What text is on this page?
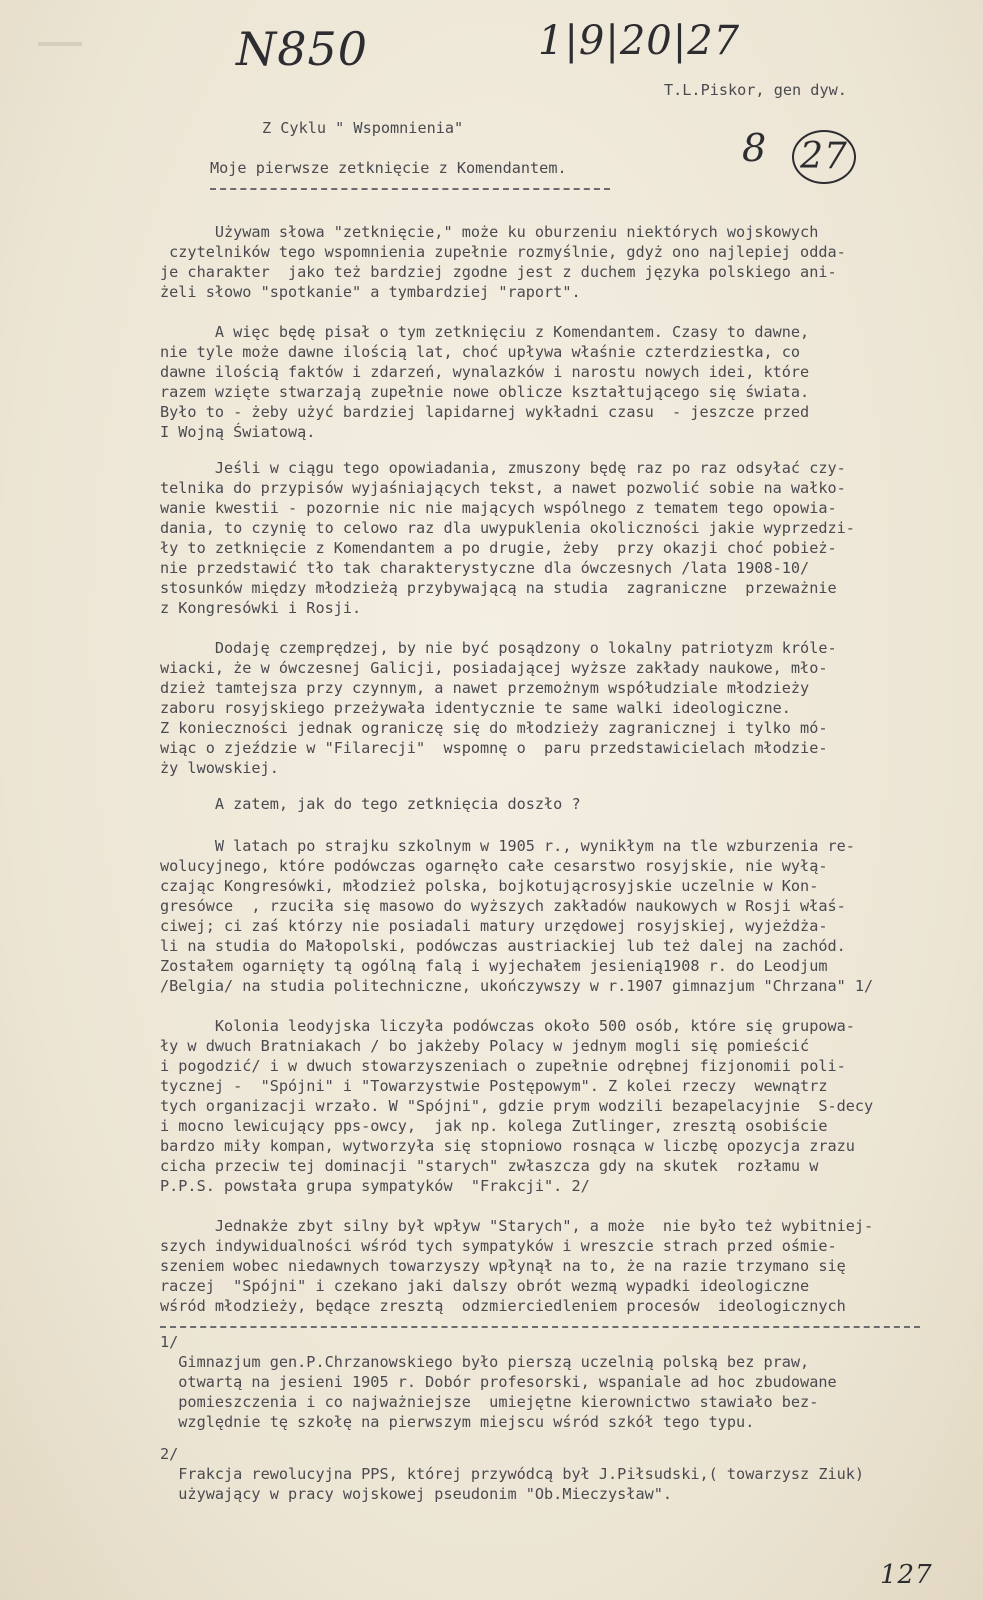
N850	1|9|20|27
8 27
T.L.Piskor, gen dyw.
Z Cyklu " Wspomnienia"
Moje pierwsze zetknięcie z Komendantem.
Używam słowa "zetknięcie," może ku oburzeniu niektórych wojskowych
czytelników tego wspomnienia zupełnie rozmyślnie, gdyż ono najlepiej odda-
je charakter  jako też bardziej zgodne jest z duchem języka polskiego ani-
żeli słowo "spotkanie" a tymbardziej "raport".
A więc będę pisał o tym zetknięciu z Komendantem. Czasy to dawne,
nie tyle może dawne ilością lat, choć upływa właśnie czterdziestka, co
dawne ilością faktów i zdarzeń, wynalazków i narostu nowych idei, które
razem wzięte stwarzają zupełnie nowe oblicze kształtującego się świata.
Było to - żeby użyć bardziej lapidarnej wykładni czasu  - jeszcze przed
I Wojną Światową.
Jeśli w ciągu tego opowiadania, zmuszony będę raz po raz odsyłać czy-
telnika do przypisów wyjaśniających tekst, a nawet pozwolić sobie na wałko-
wanie kwestii - pozornie nic nie mających wspólnego z tematem tego opowia-
dania, to czynię to celowo raz dla uwypuklenia okoliczności jakie wyprzedzi-
ły to zetknięcie z Komendantem a po drugie, żeby  przy okazji choć pobież-
nie przedstawić tło tak charakterystyczne dla ówczesnych /lata 1908-10/
stosunków między młodzieżą przybywającą na studia  zagraniczne  przeważnie
z Kongresówki i Rosji.
Dodaję czemprędzej, by nie być posądzony o lokalny patriotyzm króle-
wiacki, że w ówczesnej Galicji, posiadającej wyższe zakłady naukowe, mło-
dzież tamtejsza przy czynnym, a nawet przemożnym współudziale młodzieży
zaboru rosyjskiego przeżywała identycznie te same walki ideologiczne.
Z konieczności jednak ograniczę się do młodzieży zagranicznej i tylko mó-
wiąc o zjeździe w "Filarecji"  wspomnę o  paru przedstawicielach młodzie-
ży lwowskiej.
A zatem, jak do tego zetknięcia doszło ?
W latach po strajku szkolnym w 1905 r., wynikłym na tle wzburzenia re-
wolucyjnego, które podówczas ogarnęło całe cesarstwo rosyjskie, nie wyłą-
czając Kongresówki, młodzież polska, bojkotującrosyjskie uczelnie w Kon-
gresówce  , rzuciła się masowo do wyższych zakładów naukowych w Rosji właś-
ciwej; ci zaś którzy nie posiadali matury urzędowej rosyjskiej, wyjeżdża-
li na studia do Małopolski, podówczas austriackiej lub też dalej na zachód.
Zostałem ogarnięty tą ogólną falą i wyjechałem jesienią1908 r. do Leodjum
/Belgia/ na studia politechniczne, ukończywszy w r.1907 gimnazjum "Chrzana" 1/
Kolonia leodyjska liczyła podówczas około 500 osób, które się grupowa-
ły w dwuch Bratniakach / bo jakżeby Polacy w jednym mogli się pomieścić
i pogodzić/ i w dwuch stowarzyszeniach o zupełnie odrębnej fizjonomii poli-
tycznej -  "Spójni" i "Towarzystwie Postępowym". Z kolei rzeczy  wewnątrz
tych organizacji wrzało. W "Spójni", gdzie prym wodzili bezapelacyjnie  S-decy
i mocno lewicujący pps-owcy,  jak np. kolega Zutlinger, zresztą osobiście
bardzo miły kompan, wytworzyła się stopniowo rosnąca w liczbę opozycja zrazu
cicha przeciw tej dominacji "starych" zwłaszcza gdy na skutek  rozłamu w
P.P.S. powstała grupa sympatyków  "Frakcji". 2/
Jednakże zbyt silny był wpływ "Starych", a może  nie było też wybitniej-
szych indywidualności wśród tych sympatyków i wreszcie strach przed ośmie-
szeniem wobec niedawnych towarzyszy wpłynął na to, że na razie trzymano się
raczej  "Spójni" i czekano jaki dalszy obrót wezmą wypadki ideologiczne
wśród młodzieży, będące zresztą  odzmierciedleniem procesów  ideologicznych
1/
Gimnazjum gen.P.Chrzanowskiego było pierszą uczelnią polską bez praw,
otwartą na jesieni 1905 r. Dobór profesorski, wspaniale ad hoc zbudowane
pomieszczenia i co najważniejsze  umiejętne kierownictwo stawiało bez-
względnie tę szkołę na pierwszym miejscu wśród szkół tego typu.
2/
Frakcja rewolucyjna PPS, której przywódcą był J.Piłsudski,( towarzysz Ziuk)
używający w pracy wojskowej pseudonim "Ob.Mieczysław".
127
